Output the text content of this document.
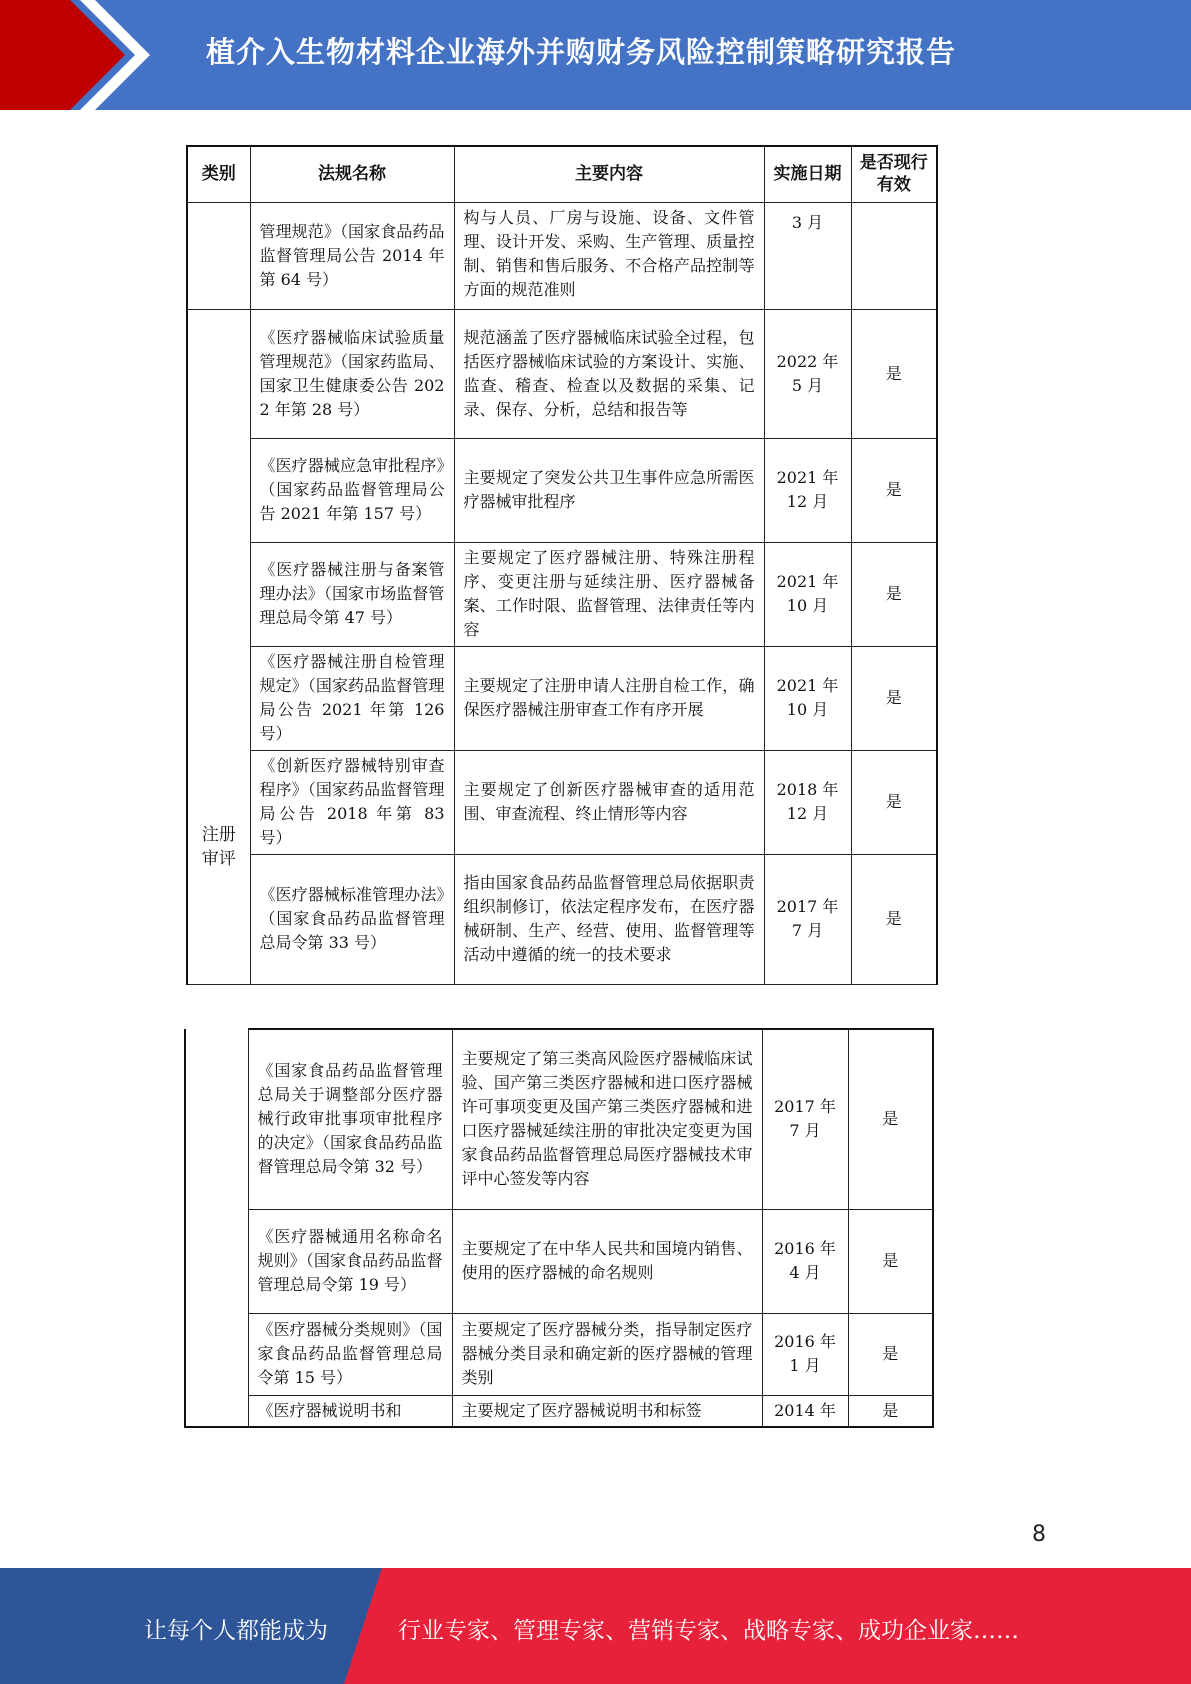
植介入生物材料企业海外并购财务风险控制策略研究报告
类别	法规名称	主要内容	实施日期	是否现行有效
	管理规范》（国家食品药品监督管理局公告 2014 年第 64 号）	构与人员、厂房与设施、设备、文件管理、设计开发、采购、生产管理、质量控制、销售和售后服务、不合格产品控制等方面的规范准则	3 月	

注册审评	《医疗器械临床试验质量管理规范》（国家药监局、国家卫生健康委公告 2022 年第 28 号）	规范涵盖了医疗器械临床试验全过程，包括医疗器械临床试验的方案设计、实施、监查、稽查、检查以及数据的采集、记录、保存、分析，总结和报告等	2022 年 5 月	是
	《医疗器械应急审批程序》（国家药品监督管理局公告 2021 年第 157 号）	主要规定了突发公共卫生事件应急所需医疗器械审批程序	2021 年 12 月	是
	《医疗器械注册与备案管理办法》（国家市场监督管理总局令第 47 号）	主要规定了医疗器械注册、特殊注册程序、变更注册与延续注册、医疗器械备案、工作时限、监督管理、法律责任等内容	2021 年 10 月	是
	《医疗器械注册自检管理规定》（国家药品监督管理局公告 2021 年第 126 号）	主要规定了注册申请人注册自检工作，确保医疗器械注册审查工作有序开展	2021 年 10 月	是
	《创新医疗器械特别审查程序》（国家药品监督管理局公告 2018 年第 83 号）	主要规定了创新医疗器械审查的适用范围、审查流程、终止情形等内容	2018 年 12 月	是
	《医疗器械标准管理办法》（国家食品药品监督管理总局令第 33 号）	指由国家食品药品监督管理总局依据职责组织制修订，依法定程序发布，在医疗器械研制、生产、经营、使用、监督管理等活动中遵循的统一的技术要求	2017 年 7 月	是
	《国家食品药品监督管理总局关于调整部分医疗器械行政审批事项审批程序的决定》（国家食品药品监督管理总局令第 32 号）	主要规定了第三类高风险医疗器械临床试验、国产第三类医疗器械和进口医疗器械许可事项变更及国产第三类医疗器械和进口医疗器械延续注册的审批决定变更为国家食品药品监督管理总局医疗器械技术审评中心签发等内容	2017 年 7 月	是
	《医疗器械通用名称命名规则》（国家食品药品监督管理总局令第 19 号）	主要规定了在中华人民共和国境内销售、使用的医疗器械的命名规则	2016 年 4 月	是
	《医疗器械分类规则》（国家食品药品监督管理总局令第 15 号）	主要规定了医疗器械分类，指导制定医疗器械分类目录和确定新的医疗器械的管理类别	2016 年 1 月	是
	《医疗器械说明书和	主要规定了医疗器械说明书和标签	2014 年	是
8
让每个人都能成为	行业专家、管理专家、营销专家、战略专家、成功企业家……
